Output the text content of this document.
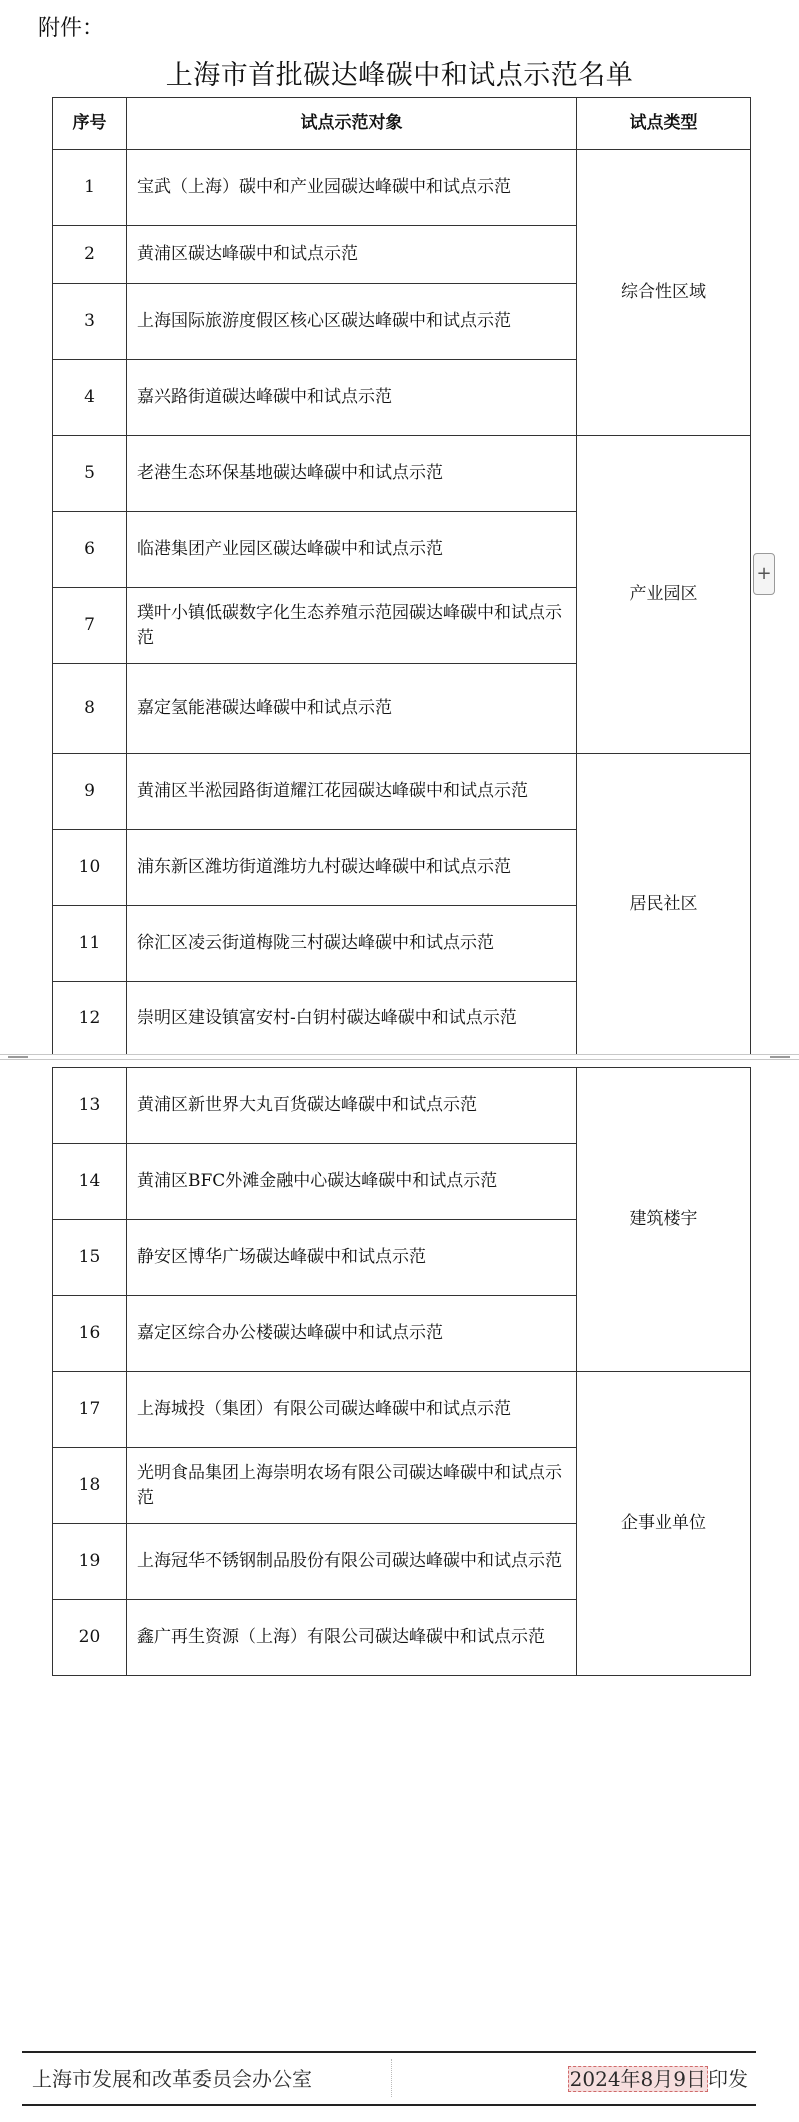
附件：
上海市首批碳达峰碳中和试点示范名单
序号	试点示范对象	试点类型
1	宝武（上海）碳中和产业园碳达峰碳中和试点示范	综合性区域
2	黄浦区碳达峰碳中和试点示范	
3	上海国际旅游度假区核心区碳达峰碳中和试点示范	
4	嘉兴路街道碳达峰碳中和试点示范	
5	老港生态环保基地碳达峰碳中和试点示范	产业园区
6	临港集团产业园区碳达峰碳中和试点示范	
7	璞叶小镇低碳数字化生态养殖示范园碳达峰碳中和试点示范	
8	嘉定氢能港碳达峰碳中和试点示范	
9	黄浦区半淞园路街道耀江花园碳达峰碳中和试点示范	居民社区
10	浦东新区潍坊街道潍坊九村碳达峰碳中和试点示范	
11	徐汇区凌云街道梅陇三村碳达峰碳中和试点示范	
12	崇明区建设镇富安村-白钥村碳达峰碳中和试点示范	
13	黄浦区新世界大丸百货碳达峰碳中和试点示范	建筑楼宇
14	黄浦区BFC外滩金融中心碳达峰碳中和试点示范	
15	静安区博华广场碳达峰碳中和试点示范	
16	嘉定区综合办公楼碳达峰碳中和试点示范	
17	上海城投（集团）有限公司碳达峰碳中和试点示范	企事业单位
18	光明食品集团上海崇明农场有限公司碳达峰碳中和试点示范	
19	上海冠华不锈钢制品股份有限公司碳达峰碳中和试点示范	
20	鑫广再生资源（上海）有限公司碳达峰碳中和试点示范	
+
上海市发展和改革委员会办公室	2024年8月9日 印发
